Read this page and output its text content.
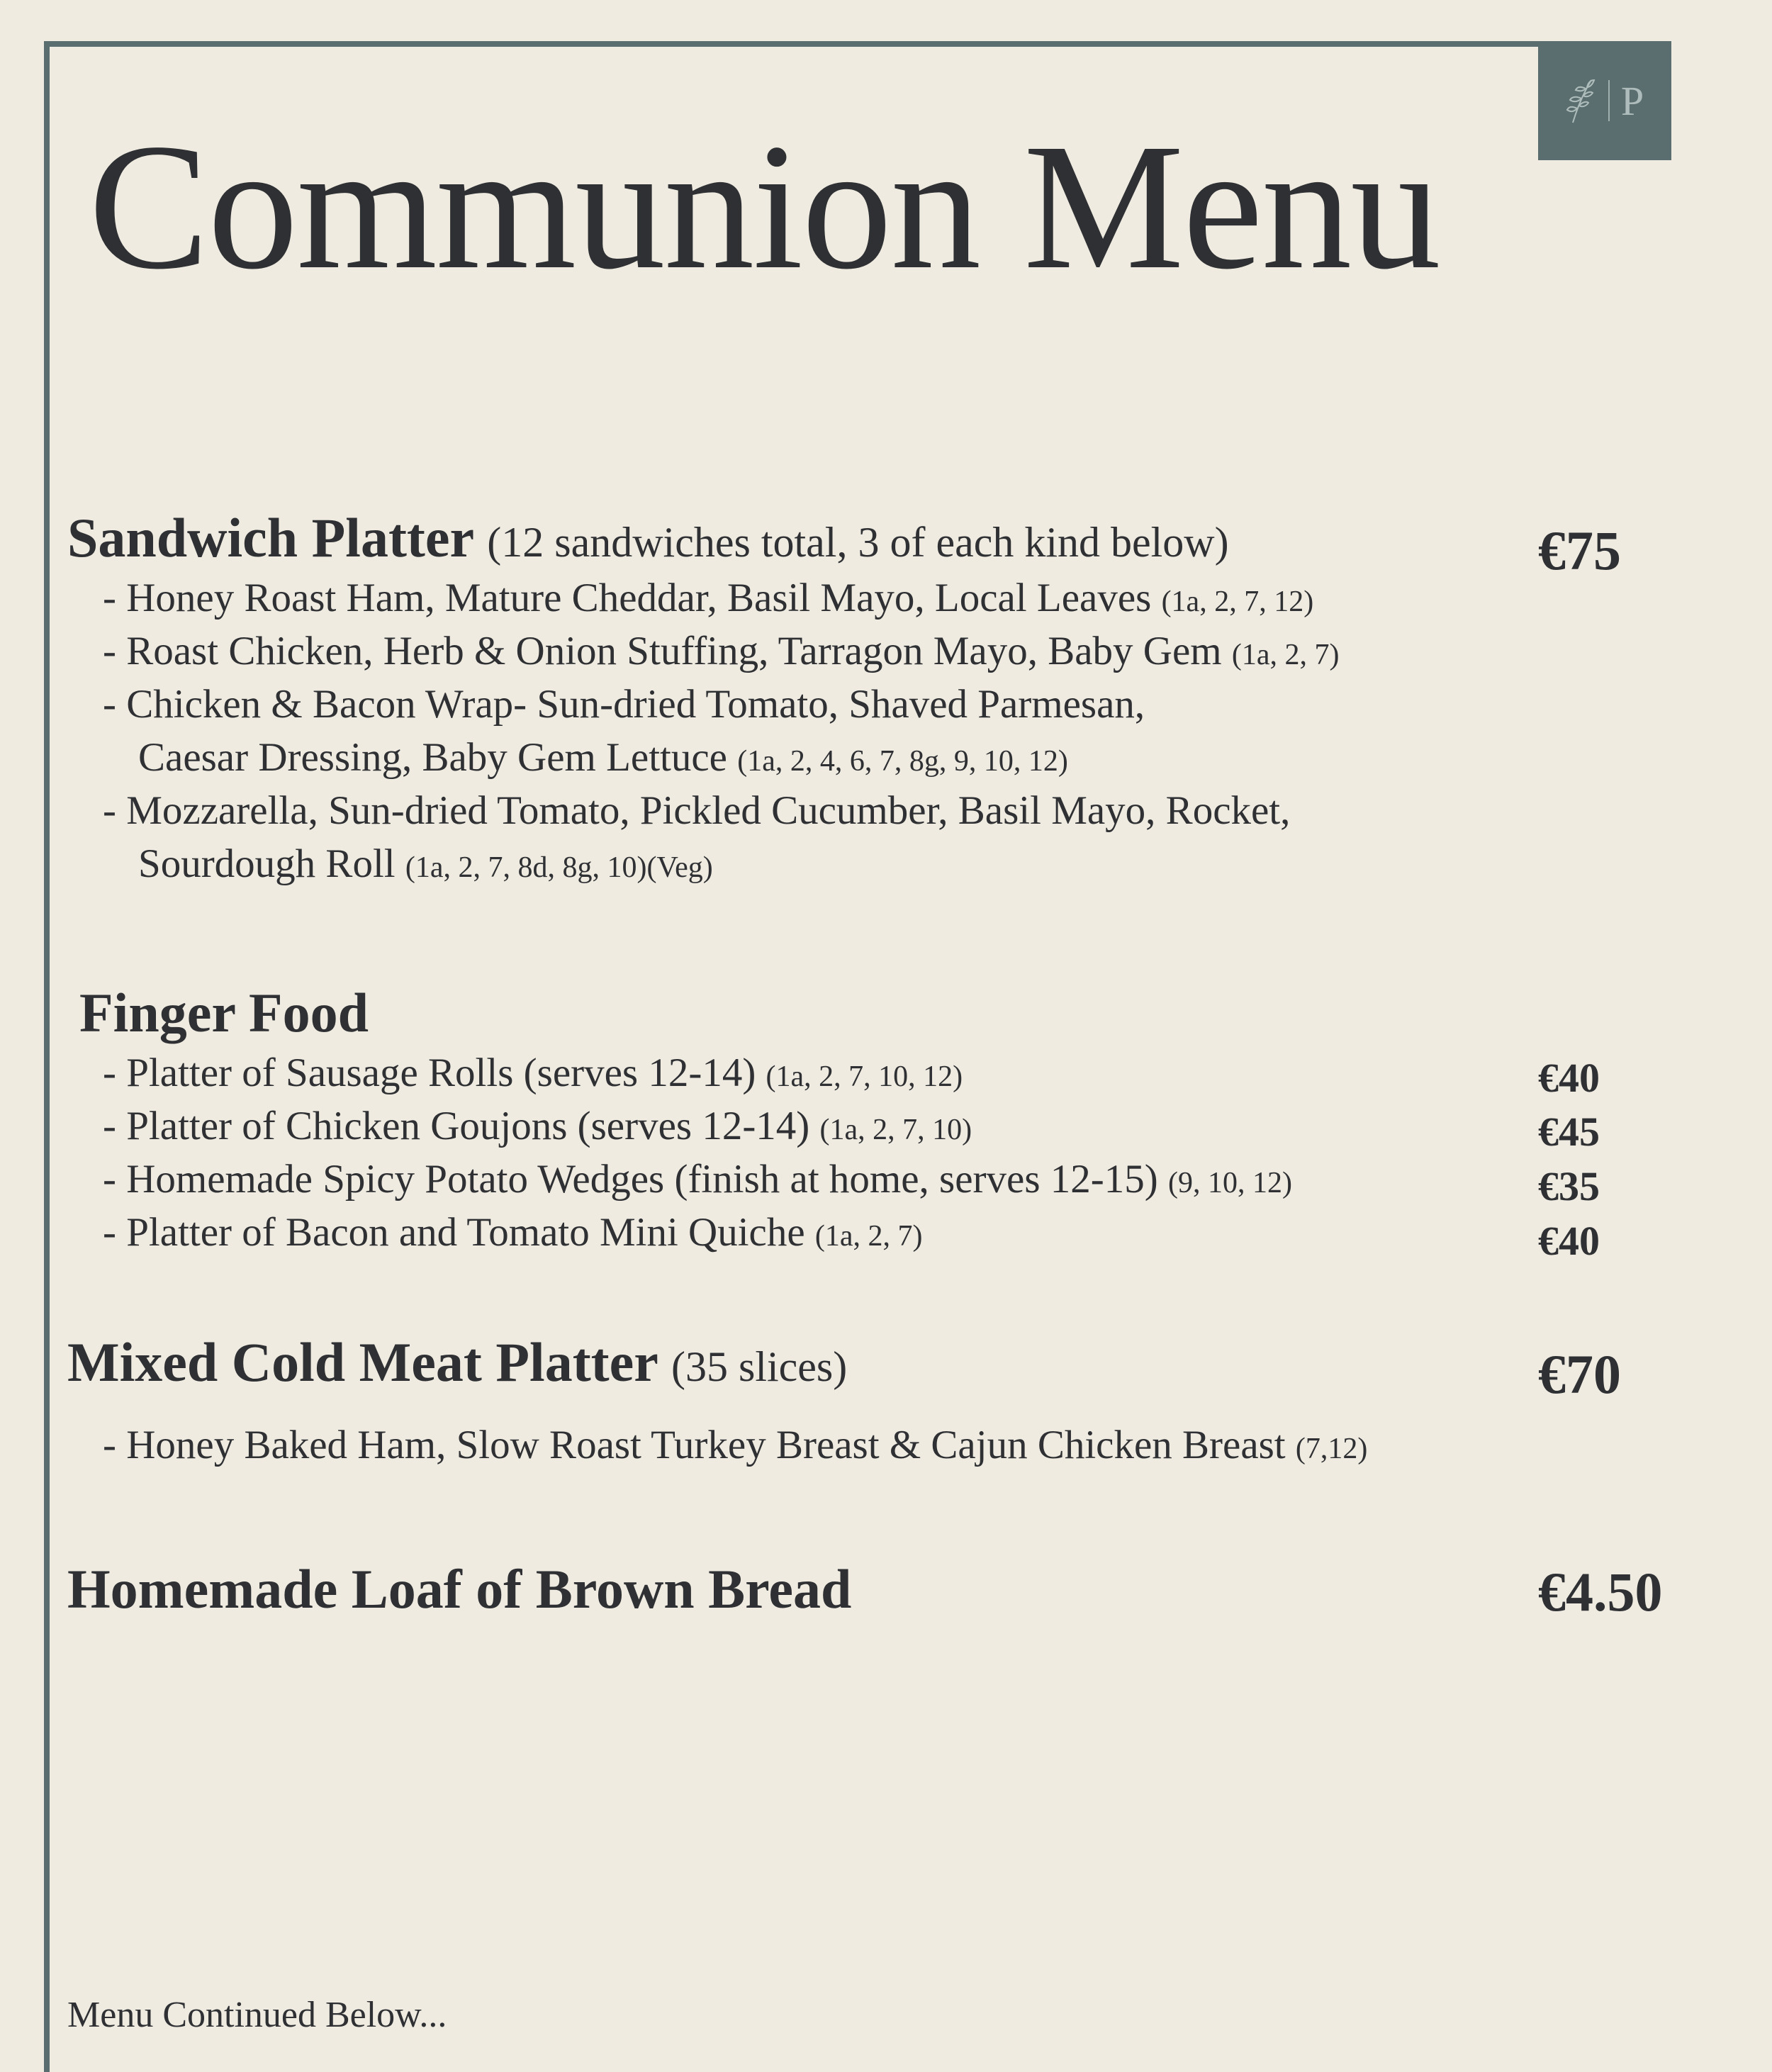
P
Communion Menu
Sandwich Platter (12 sandwiches total, 3 of each kind below)	€75
- Honey Roast Ham, Mature Cheddar, Basil Mayo, Local Leaves (1a, 2, 7, 12)
- Roast Chicken, Herb & Onion Stuffing, Tarragon Mayo, Baby Gem (1a, 2, 7)
- Chicken & Bacon Wrap- Sun-dried Tomato, Shaved Parmesan,
Caesar Dressing, Baby Gem Lettuce (1a, 2, 4, 6, 7, 8g, 9, 10, 12)
- Mozzarella, Sun-dried Tomato, Pickled Cucumber, Basil Mayo, Rocket,
Sourdough Roll (1a, 2, 7, 8d, 8g, 10)(Veg)
Finger Food
- Platter of Sausage Rolls (serves 12-14) (1a, 2, 7, 10, 12)	€40
- Platter of Chicken Goujons (serves 12-14) (1a, 2, 7, 10)	€45
- Homemade Spicy Potato Wedges (finish at home, serves 12-15) (9, 10, 12)	€35
- Platter of Bacon and Tomato Mini Quiche (1a, 2, 7)	€40
Mixed Cold Meat Platter (35 slices)	€70
- Honey Baked Ham, Slow Roast Turkey Breast & Cajun Chicken Breast (7,12)
Homemade Loaf of Brown Bread	€4.50
Menu Continued Below...
